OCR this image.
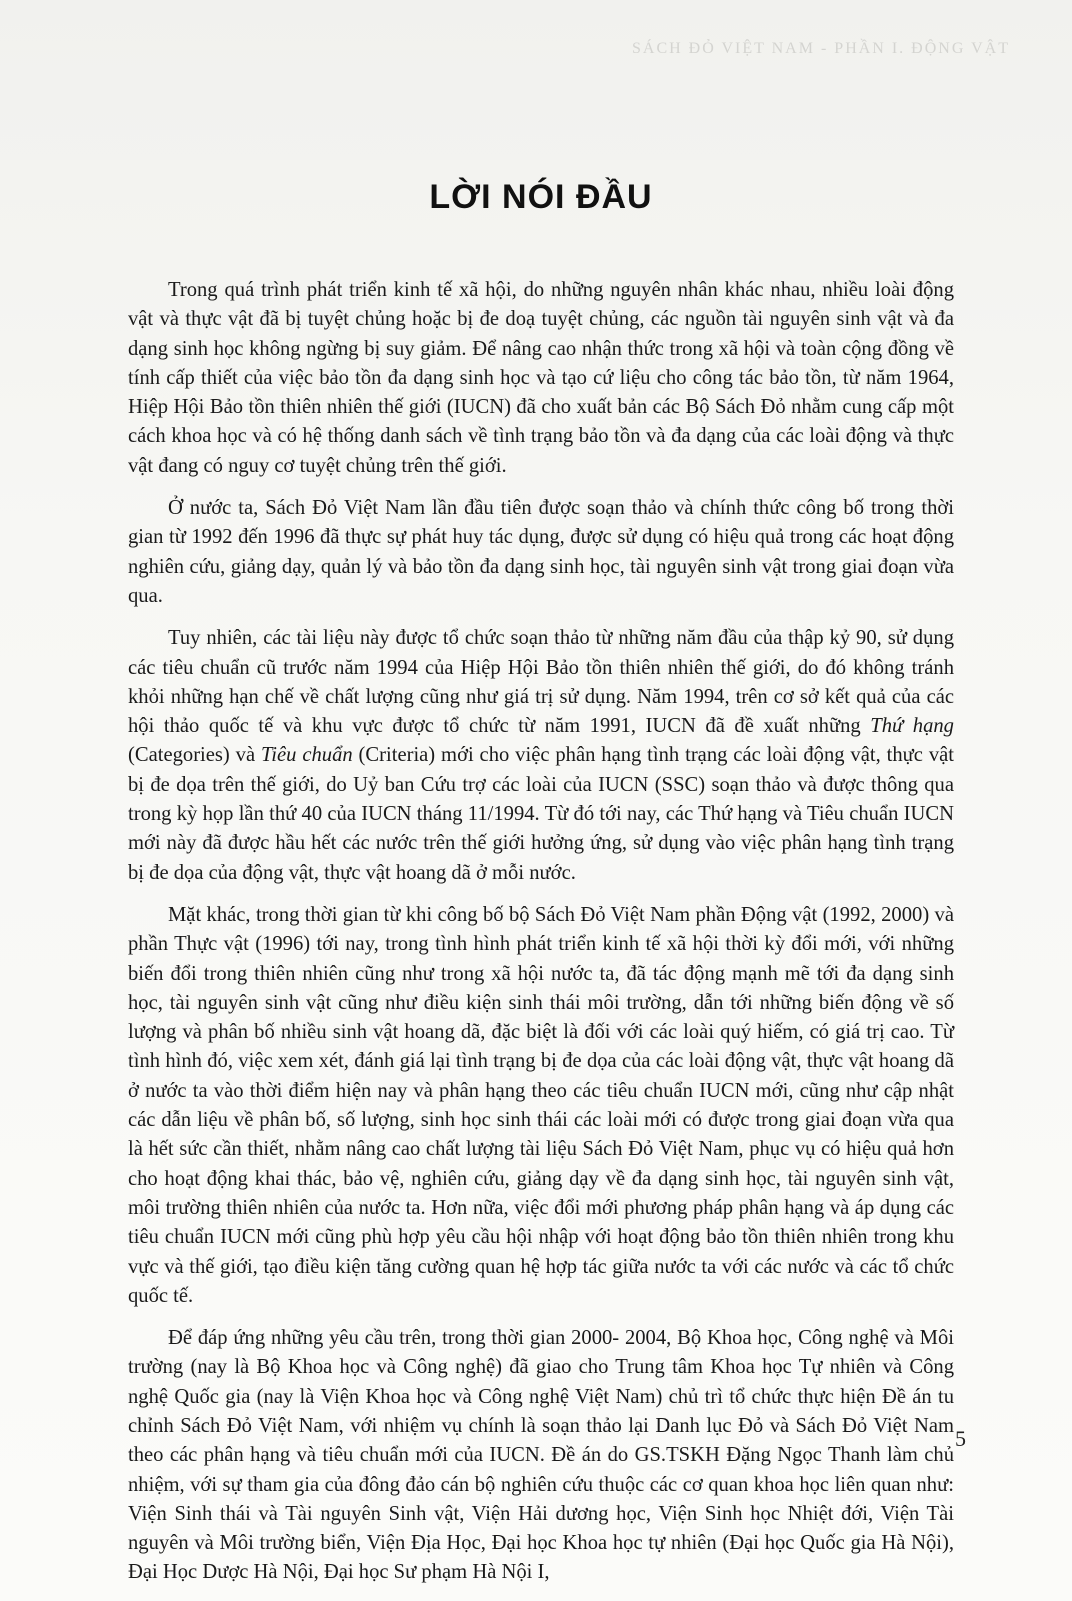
SÁCH ĐỎ VIỆT NAM - PHẦN I. ĐỘNG VẬT
LỜI NÓI ĐẦU

Trong quá trình phát triển kinh tế xã hội, do những nguyên nhân khác nhau, nhiều loài động vật và thực vật đã bị tuyệt chủng hoặc bị đe doạ tuyệt chủng, các nguồn tài nguyên sinh vật và đa dạng sinh học không ngừng bị suy giảm. Để nâng cao nhận thức trong xã hội và toàn cộng đồng về tính cấp thiết của việc bảo tồn đa dạng sinh học và tạo cứ liệu cho công tác bảo tồn, từ năm 1964, Hiệp Hội Bảo tồn thiên nhiên thế giới (IUCN) đã cho xuất bản các Bộ Sách Đỏ nhằm cung cấp một cách khoa học và có hệ thống danh sách về tình trạng bảo tồn và đa dạng của các loài động và thực vật đang có nguy cơ tuyệt chủng trên thế giới.

Ở nước ta, Sách Đỏ Việt Nam lần đầu tiên được soạn thảo và chính thức công bố trong thời gian từ 1992 đến 1996 đã thực sự phát huy tác dụng, được sử dụng có hiệu quả trong các hoạt động nghiên cứu, giảng dạy, quản lý và bảo tồn đa dạng sinh học, tài nguyên sinh vật trong giai đoạn vừa qua.

Tuy nhiên, các tài liệu này được tổ chức soạn thảo từ những năm đầu của thập kỷ 90, sử dụng các tiêu chuẩn cũ trước năm 1994 của Hiệp Hội Bảo tồn thiên nhiên thế giới, do đó không tránh khỏi những hạn chế về chất lượng cũng như giá trị sử dụng. Năm 1994, trên cơ sở kết quả của các hội thảo quốc tế và khu vực được tổ chức từ năm 1991, IUCN đã đề xuất những Thứ hạng (Categories) và Tiêu chuẩn (Criteria) mới cho việc phân hạng tình trạng các loài động vật, thực vật bị đe dọa trên thế giới, do Uỷ ban Cứu trợ các loài của IUCN (SSC) soạn thảo và được thông qua trong kỳ họp lần thứ 40 của IUCN tháng 11/1994. Từ đó tới nay, các Thứ hạng và Tiêu chuẩn IUCN mới này đã được hầu hết các nước trên thế giới hưởng ứng, sử dụng vào việc phân hạng tình trạng bị đe dọa của động vật, thực vật hoang dã ở mỗi nước.

Mặt khác, trong thời gian từ khi công bố bộ Sách Đỏ Việt Nam phần Động vật (1992, 2000) và phần Thực vật (1996) tới nay, trong tình hình phát triển kinh tế xã hội thời kỳ đổi mới, với những biến đổi trong thiên nhiên cũng như trong xã hội nước ta, đã tác động mạnh mẽ tới đa dạng sinh học, tài nguyên sinh vật cũng như điều kiện sinh thái môi trường, dẫn tới những biến động về số lượng và phân bố nhiều sinh vật hoang dã, đặc biệt là đối với các loài quý hiếm, có giá trị cao. Từ tình hình đó, việc xem xét, đánh giá lại tình trạng bị đe dọa của các loài động vật, thực vật hoang dã ở nước ta vào thời điểm hiện nay và phân hạng theo các tiêu chuẩn IUCN mới, cũng như cập nhật các dẫn liệu về phân bố, số lượng, sinh học sinh thái các loài mới có được trong giai đoạn vừa qua là hết sức cần thiết, nhằm nâng cao chất lượng tài liệu Sách Đỏ Việt Nam, phục vụ có hiệu quả hơn cho hoạt động khai thác, bảo vệ, nghiên cứu, giảng dạy về đa dạng sinh học, tài nguyên sinh vật, môi trường thiên nhiên của nước ta. Hơn nữa, việc đổi mới phương pháp phân hạng và áp dụng các tiêu chuẩn IUCN mới cũng phù hợp yêu cầu hội nhập với hoạt động bảo tồn thiên nhiên trong khu vực và thế giới, tạo điều kiện tăng cường quan hệ hợp tác giữa nước ta với các nước và các tổ chức quốc tế.

Để đáp ứng những yêu cầu trên, trong thời gian 2000- 2004, Bộ Khoa học, Công nghệ và Môi trường (nay là Bộ Khoa học và Công nghệ) đã giao cho Trung tâm Khoa học Tự nhiên và Công nghệ Quốc gia (nay là Viện Khoa học và Công nghệ Việt Nam) chủ trì tổ chức thực hiện Đề án tu chỉnh Sách Đỏ Việt Nam, với nhiệm vụ chính là soạn thảo lại Danh lục Đỏ và Sách Đỏ Việt Nam theo các phân hạng và tiêu chuẩn mới của IUCN. Đề án do GS.TSKH Đặng Ngọc Thanh làm chủ nhiệm, với sự tham gia của đông đảo cán bộ nghiên cứu thuộc các cơ quan khoa học liên quan như: Viện Sinh thái và Tài nguyên Sinh vật, Viện Hải dương học, Viện Sinh học Nhiệt đới, Viện Tài nguyên và Môi trường biển, Viện Địa Học, Đại học Khoa học tự nhiên (Đại học Quốc gia Hà Nội), Đại Học Dược Hà Nội, Đại học Sư phạm Hà Nội I,

5
